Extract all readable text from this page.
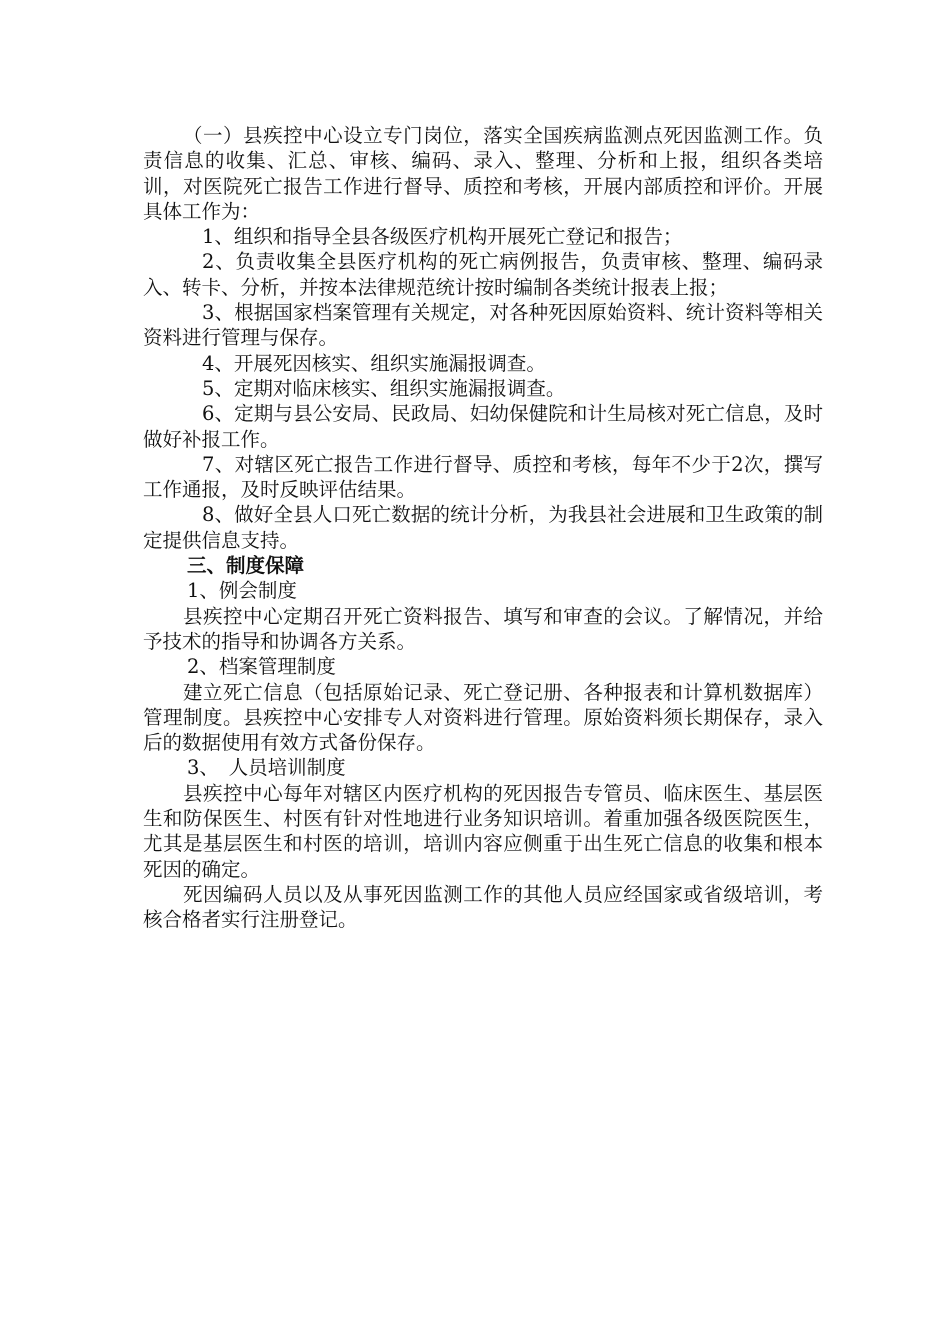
（一）县疾控中心设立专门岗位，落实全国疾病监测点死因监测工作。负责信息的收集、汇总、审核、编码、录入、整理、分析和上报，组织各类培训，对医院死亡报告工作进行督导、质控和考核，开展内部质控和评价。开展具体工作为：

1、组织和指导全县各级医疗机构开展死亡登记和报告；

2、负责收集全县医疗机构的死亡病例报告，负责审核、整理、编码录入、转卡、分析，并按本法律规范统计按时编制各类统计报表上报；

3、根据国家档案管理有关规定，对各种死因原始资料、统计资料等相关资料进行管理与保存。

4、开展死因核实、组织实施漏报调查。

5、定期对临床核实、组织实施漏报调查。

6、定期与县公安局、民政局、妇幼保健院和计生局核对死亡信息，及时做好补报工作。

7、对辖区死亡报告工作进行督导、质控和考核，每年不少于2次，撰写工作通报，及时反映评估结果。

8、做好全县人口死亡数据的统计分析，为我县社会进展和卫生政策的制定提供信息支持。

三、制度保障

1、例会制度

县疾控中心定期召开死亡资料报告、填写和审查的会议。了解情况，并给予技术的指导和协调各方关系。

2、档案管理制度

建立死亡信息（包括原始记录、死亡登记册、各种报表和计算机数据库）管理制度。县疾控中心安排专人对资料进行管理。原始资料须长期保存，录入后的数据使用有效方式备份保存。

3、　人员培训制度

县疾控中心每年对辖区内医疗机构的死因报告专管员、临床医生、基层医生和防保医生、村医有针对性地进行业务知识培训。着重加强各级医院医生，尤其是基层医生和村医的培训，培训内容应侧重于出生死亡信息的收集和根本死因的确定。

死因编码人员以及从事死因监测工作的其他人员应经国家或省级培训，考核合格者实行注册登记。
